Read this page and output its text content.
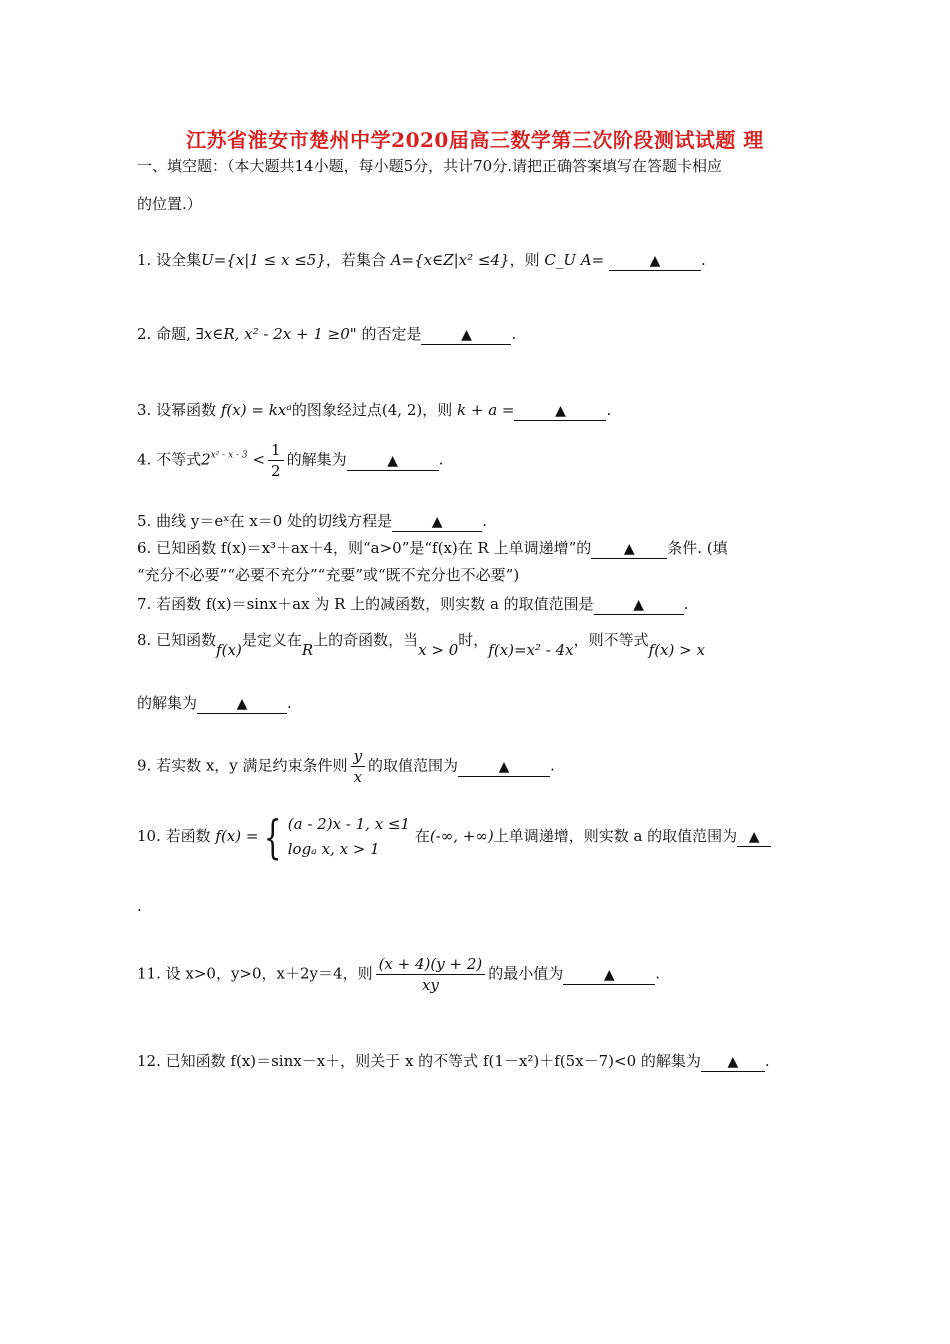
江苏省淮安市楚州中学2020届高三数学第三次阶段测试试题 理
一、填空题：（本大题共14小题，每小题5分，共计70分.请把正确答案填写在答题卡相应
的位置.）
1. 设全集U={x|1 ≤ x ≤5}，若集合 A={x∈Z|x² ≤4}，则 C_U A=	▲	.
2. 命题, ∃x∈R, x² - 2x + 1 ≥0" 的否定是	▲	.
3. 设幂函数 f(x) = kxᵃ的图象经过点(4, 2)，则 k + a =	▲	.
4. 不等式$2^{x^2 - x - 3} < \frac{1}{2}$ 的解集为	▲	.
5. 曲线 y＝eˣ在 x＝0 处的切线方程是	▲	.
6. 已知函数 f(x)＝x³＋ax＋4，则“a>0”是“f(x)在 R 上单调递增”的 ▲ 条件. (填
“充分不必要”“必要不充分”“充要”或“既不充分也不必要”)
7. 若函数 f(x)＝sinx＋ax 为 R 上的减函数，则实数 a 的取值范围是	▲	.
8. 已知函数f(x)是定义在R上的奇函数，当x > 0时，f(x)=x² - 4x，则不等式f(x) > x
的解集为	▲	.
9. 若实数 x，y 满足约束条件则 $\frac{y}{x}$ 的取值范围为	▲	.
10. 若函数 f(x) = { (a - 2)x - 1, x ≤1
logₐ x, x > 1
在(-∞, +∞)上单调递增，则实数 a 的取值范围为 ▲
.
11. 设 x>0，y>0，x＋2y＝4，则 $\frac{(x + 4)(y + 2)}{xy}$ 的最小值为	▲	.
12. 已知函数 f(x)＝sinx－x＋，则关于 x 的不等式 f(1－x²)＋f(5x－7)<0 的解集为 ▲ .
